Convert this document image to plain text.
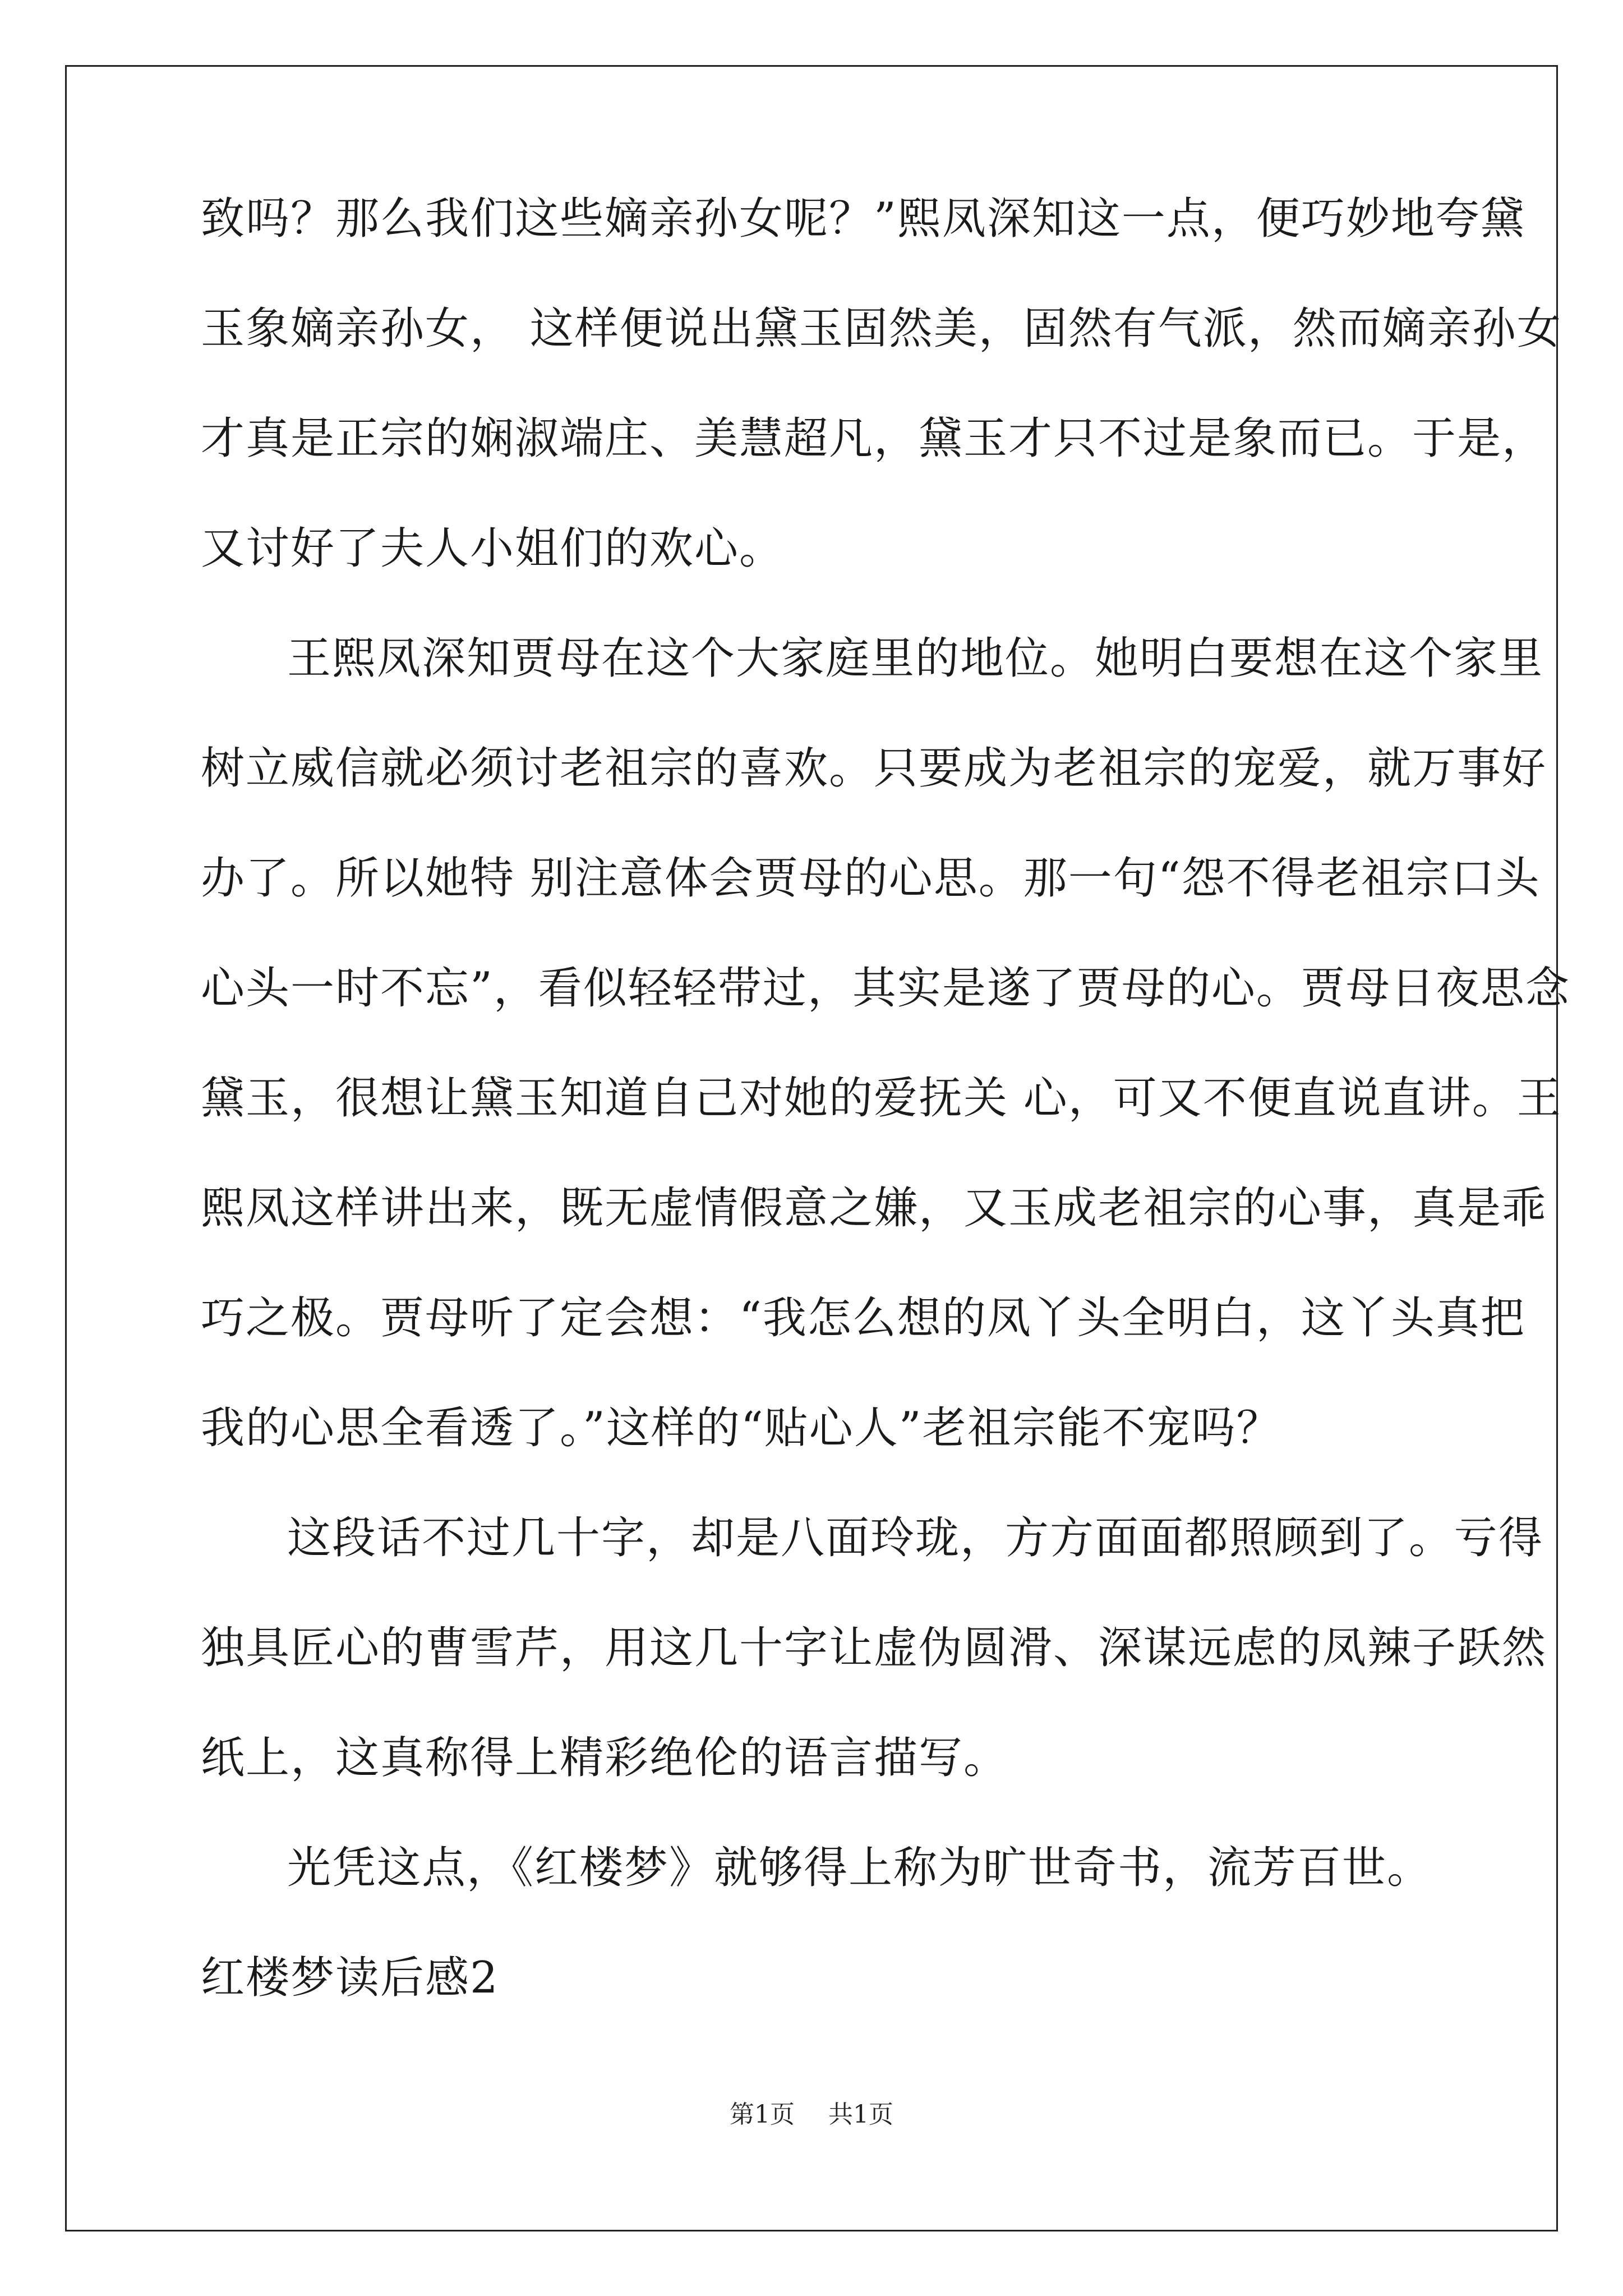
致吗？那么我们这些嫡亲孙女呢？”熙凤深知这一点，便巧妙地夸黛
玉象嫡亲孙女， 这样便说出黛玉固然美，固然有气派，然而嫡亲孙女
才真是正宗的娴淑端庄、美慧超凡，黛玉才只不过是象而已。于是，
又讨好了夫人小姐们的欢心。
王熙凤深知贾母在这个大家庭里的地位。她明白要想在这个家里
树立威信就必须讨老祖宗的喜欢。只要成为老祖宗的宠爱，就万事好
办了。所以她特 别注意体会贾母的心思。那一句“怨不得老祖宗口头
心头一时不忘”，看似轻轻带过，其实是遂了贾母的心。贾母日夜思念
黛玉，很想让黛玉知道自己对她的爱抚关 心，可又不便直说直讲。王
熙凤这样讲出来，既无虚情假意之嫌，又玉成老祖宗的心事，真是乖
巧之极。贾母听了定会想：“我怎么想的凤丫头全明白，这丫头真把
我的心思全看透了。”这样的“贴心人”老祖宗能不宠吗？
这段话不过几十字，却是八面玲珑，方方面面都照顾到了。亏得
独具匠心的曹雪芹，用这几十字让虚伪圆滑、深谋远虑的凤辣子跃然
纸上，这真称得上精彩绝伦的语言描写。
光凭这点，《红楼梦》就够得上称为旷世奇书，流芳百世。
红楼梦读后感2
第1页 共1页
